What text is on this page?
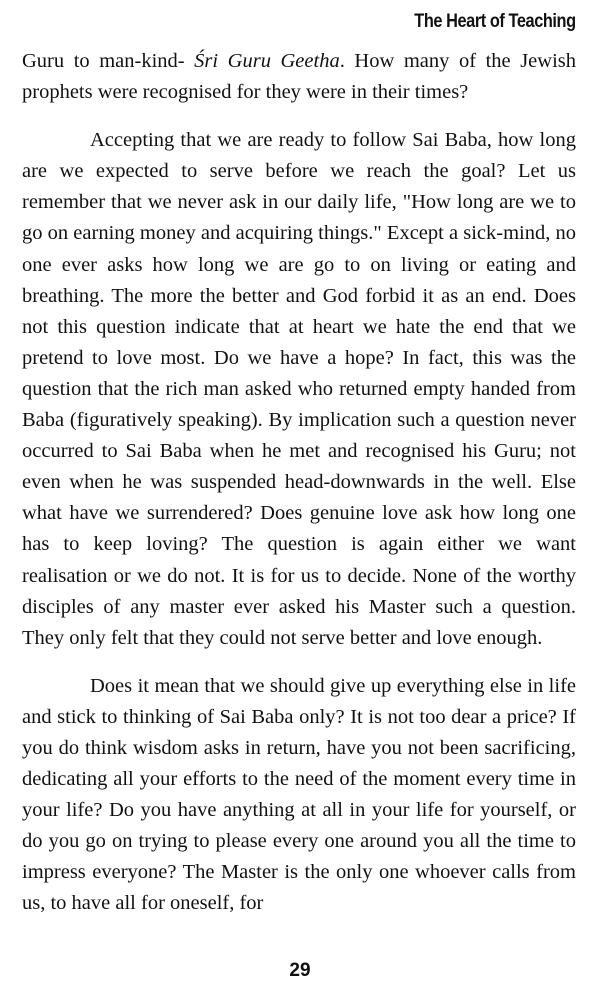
The Heart of Teaching

Guru to man-kind- Śri Guru Geetha. How many of the Jewish prophets were recognised for they were in their times?

Accepting that we are ready to follow Sai Baba, how long are we expected to serve before we reach the goal? Let us remember that we never ask in our daily life, "How long are we to go on earning money and acquiring things." Except a sick-mind, no one ever asks how long we are go to on living or eating and breathing. The more the better and God forbid it as an end. Does not this question indicate that at heart we hate the end that we pretend to love most. Do we have a hope? In fact, this was the question that the rich man asked who returned empty handed from Baba (figuratively speaking). By implication such a question never occurred to Sai Baba when he met and recognised his Guru; not even when he was suspended head-downwards in the well. Else what have we surrendered? Does genuine love ask how long one has to keep loving? The question is again either we want realisation or we do not. It is for us to decide. None of the worthy disciples of any master ever asked his Master such a question. They only felt that they could not serve better and love enough.

Does it mean that we should give up everything else in life and stick to thinking of Sai Baba only? It is not too dear a price? If you do think wisdom asks in return, have you not been sacrificing, dedicating all your efforts to the need of the moment every time in your life? Do you have anything at all in your life for yourself, or do you go on trying to please every one around you all the time to impress everyone? The Master is the only one whoever calls from us, to have all for oneself, for

29
